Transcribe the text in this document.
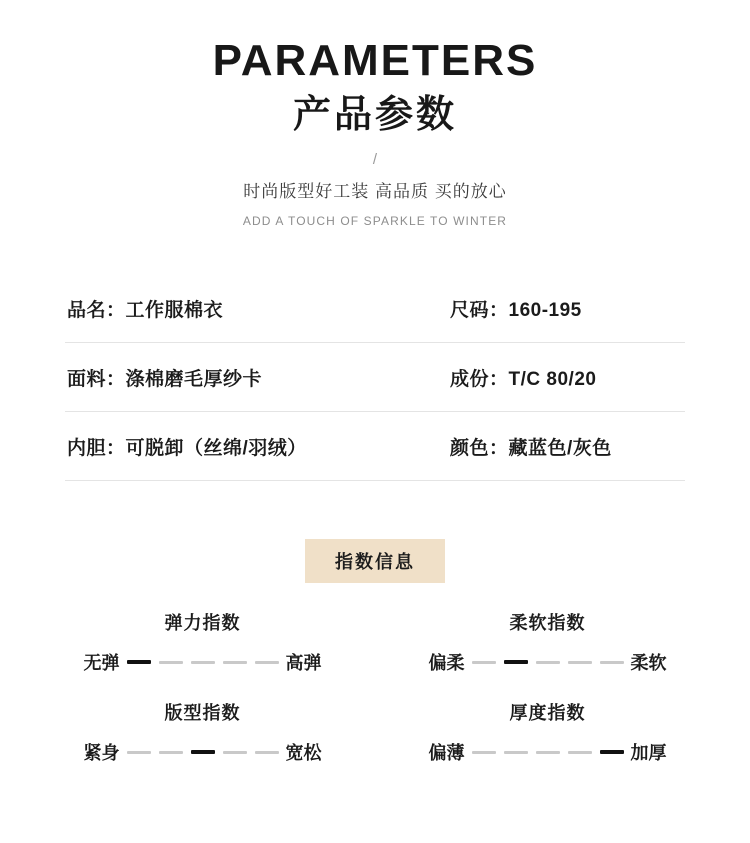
PARAMETERS
产品参数
/
时尚版型好工装 高品质 买的放心
ADD A TOUCH OF SPARKLE TO WINTER
品名： 工作服棉衣	尺码： 160-195
面料： 涤棉磨毛厚纱卡	成份： T/C 80/20
内胆： 可脱卸（丝绵/羽绒）	颜色： 藏蓝色/灰色
指数信息
弹力指数
无弹	高弹
柔软指数
偏柔	柔软
版型指数
紧身	宽松
厚度指数
偏薄	加厚
